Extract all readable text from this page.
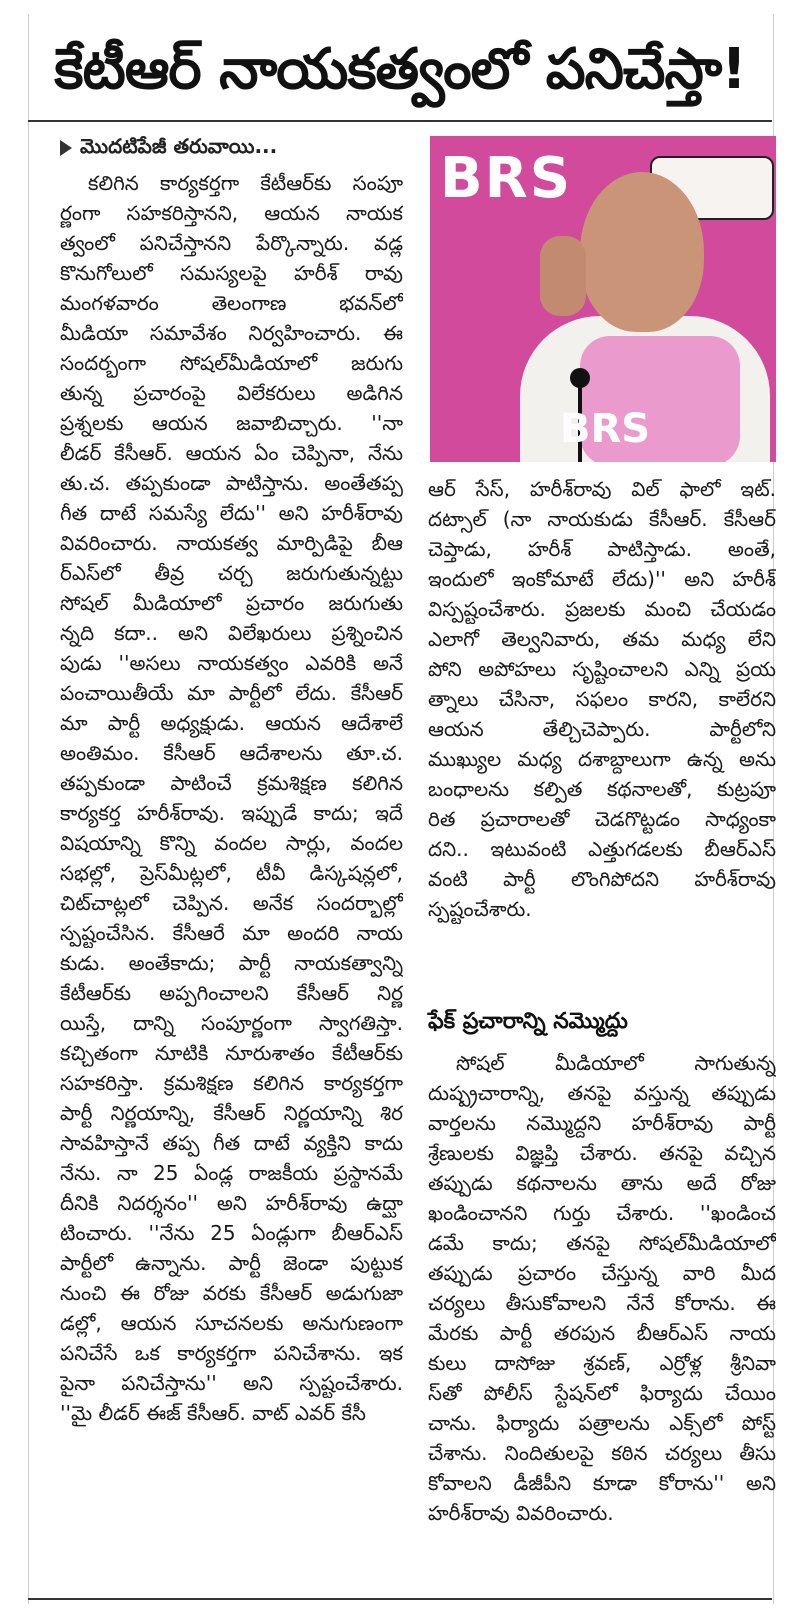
కేటీఆర్ నాయకత్వంలో పనిచేస్తా!
మొదటిపేజీ తరువాయి...
కలిగిన కార్యకర్తగా కేటీఆర్‌కు సంపూ
ర్ణంగా సహకరిస్తానని, ఆయన నాయక
త్వంలో పనిచేస్తానని పేర్కొన్నారు. వడ్ల
కొనుగోలులో సమస్యలపై హరీశ్ రావు
మంగళవారం తెలంగాణ భవన్‌లో
మీడియా సమావేశం నిర్వహించారు. ఈ
సందర్భంగా సోషల్‌మీడియాలో జరుగు
తున్న ప్రచారంపై విలేకరులు అడిగిన
ప్రశ్నలకు ఆయన జవాబిచ్చారు. ''నా
లీడర్ కేసీఆర్. ఆయన ఏం చెప్పినా, నేను
తు.చ. తప్పకుండా పాటిస్తాను. అంతేతప్ప
గీత దాటే సమస్యే లేదు'' అని హరీశ్‌రావు
వివరించారు. నాయకత్వ మార్పిడిపై బీఆ
ర్ఎస్‌లో తీవ్ర చర్చ జరుగుతున్నట్టు
సోషల్ మీడియాలో ప్రచారం జరుగుతు
న్నది కదా.. అని విలేఖరులు ప్రశ్నించిన
పుడు ''అసలు నాయకత్వం ఎవరికి అనే
పంచాయితీయే మా పార్టీలో లేదు. కేసీఆర్
మా పార్టీ అధ్యక్షుడు. ఆయన ఆదేశాలే
అంతిమం. కేసీఆర్ ఆదేశాలను తూ.చ.
తప్పకుండా పాటించే క్రమశిక్షణ కలిగిన
కార్యకర్త హరీశ్‌రావు. ఇప్పుడే కాదు; ఇదే
విషయాన్ని కొన్ని వందల సార్లు, వందల
సభల్లో, ప్రెస్‌మీట్లలో, టీవీ డిస్కషన్లలో,
చిట్‌చాట్లలో చెప్పిన. అనేక సందర్భాల్లో
స్పష్టంచేసిన. కేసీఆరే మా అందరి నాయ
కుడు. అంతేకాదు; పార్టీ నాయకత్వాన్ని
కేటీఆర్‌కు అప్పగించాలని కేసీఆర్ నిర్ణ
యిస్తే, దాన్ని సంపూర్ణంగా స్వాగతిస్తా.
కచ్చితంగా నూటికి నూరుశాతం కేటీఆర్‌కు
సహకరిస్తా. క్రమశిక్షణ కలిగిన కార్యకర్తగా
పార్టీ నిర్ణయాన్ని, కేసీఆర్ నిర్ణయాన్ని శిర
సావహిస్తానే తప్ప గీత దాటే వ్యక్తిని కాదు
నేను. నా 25 ఏండ్ల రాజకీయ ప్రస్థానమే
దీనికి నిదర్శనం'' అని హరీశ్‌రావు ఉద్ఘా
టించారు. ''నేను 25 ఏండ్లుగా బీఆర్ఎస్
పార్టీలో ఉన్నాను. పార్టీ జెండా పుట్టుక
నుంచి ఈ రోజు వరకు కేసీఆర్ అడుగుజా
డల్లో, ఆయన సూచనలకు అనుగుణంగా
పనిచేసే ఒక కార్యకర్తగా పనిచేశాను. ఇక
పైనా పనిచేస్తాను'' అని స్పష్టంచేశారు.
''మై లీడర్ ఈజ్ కేసీఆర్. వాట్ ఎవర్ కేసీ
BRS
BRS
ఆర్ సేస్, హరీశ్‌రావు విల్ ఫాలో ఇట్.
దట్సాల్ (నా నాయకుడు కేసీఆర్. కేసీఆర్
చెప్తాడు, హరీశ్ పాటిస్తాడు. అంతే,
ఇందులో ఇంకోమాటే లేదు)'' అని హరీశ్
విస్పష్టంచేశారు. ప్రజలకు మంచి చేయడం
ఎలాగో తెల్వనివారు, తమ మధ్య లేని
పోని అపోహలు సృష్టించాలని ఎన్ని ప్రయ
త్నాలు చేసినా, సఫలం కారని, కాలేరని
ఆయన తేల్చిచెప్పారు. పార్టీలోని
ముఖ్యుల మధ్య దశాబ్దాలుగా ఉన్న అను
బంధాలను కల్పిత కథనాలతో, కుట్రపూ
రిత ప్రచారాలతో చెడగొట్టడం సాధ్యంకా
దని.. ఇటువంటి ఎత్తుగడలకు బీఆర్ఎస్
వంటి పార్టీ లొంగిపోదని హరీశ్‌రావు
స్పష్టంచేశారు.
ఫేక్ ప్రచారాన్ని నమ్మొద్దు
సోషల్ మీడియాలో సాగుతున్న
దుష్ప్రచారాన్ని, తనపై వస్తున్న తప్పుడు
వార్తలను నమ్మొద్దని హరీశ్‌రావు పార్టీ
శ్రేణులకు విజ్ఞప్తి చేశారు. తనపై వచ్చిన
తప్పుడు కథనాలను తాను అదే రోజు
ఖండించానని గుర్తు చేశారు. ''ఖండించ
డమే కాదు; తనపై సోషల్‌మీడియాలో
తప్పుడు ప్రచారం చేస్తున్న వారి మీద
చర్యలు తీసుకోవాలని నేనే కోరాను. ఈ
మేరకు పార్టీ తరపున బీఆర్ఎస్ నాయ
కులు దాసోజు శ్రవణ్, ఎర్రోళ్ల శ్రీనివా
స్‌తో పోలీస్ స్టేషన్‌లో ఫిర్యాదు చేయిం
చాను. ఫిర్యాదు పత్రాలను ఎక్స్‌లో పోస్ట్
చేశాను. నిందితులపై కఠిన చర్యలు తీసు
కోవాలని డీజీపీని కూడా కోరాను'' అని
హరీశ్‌రావు వివరించారు.
